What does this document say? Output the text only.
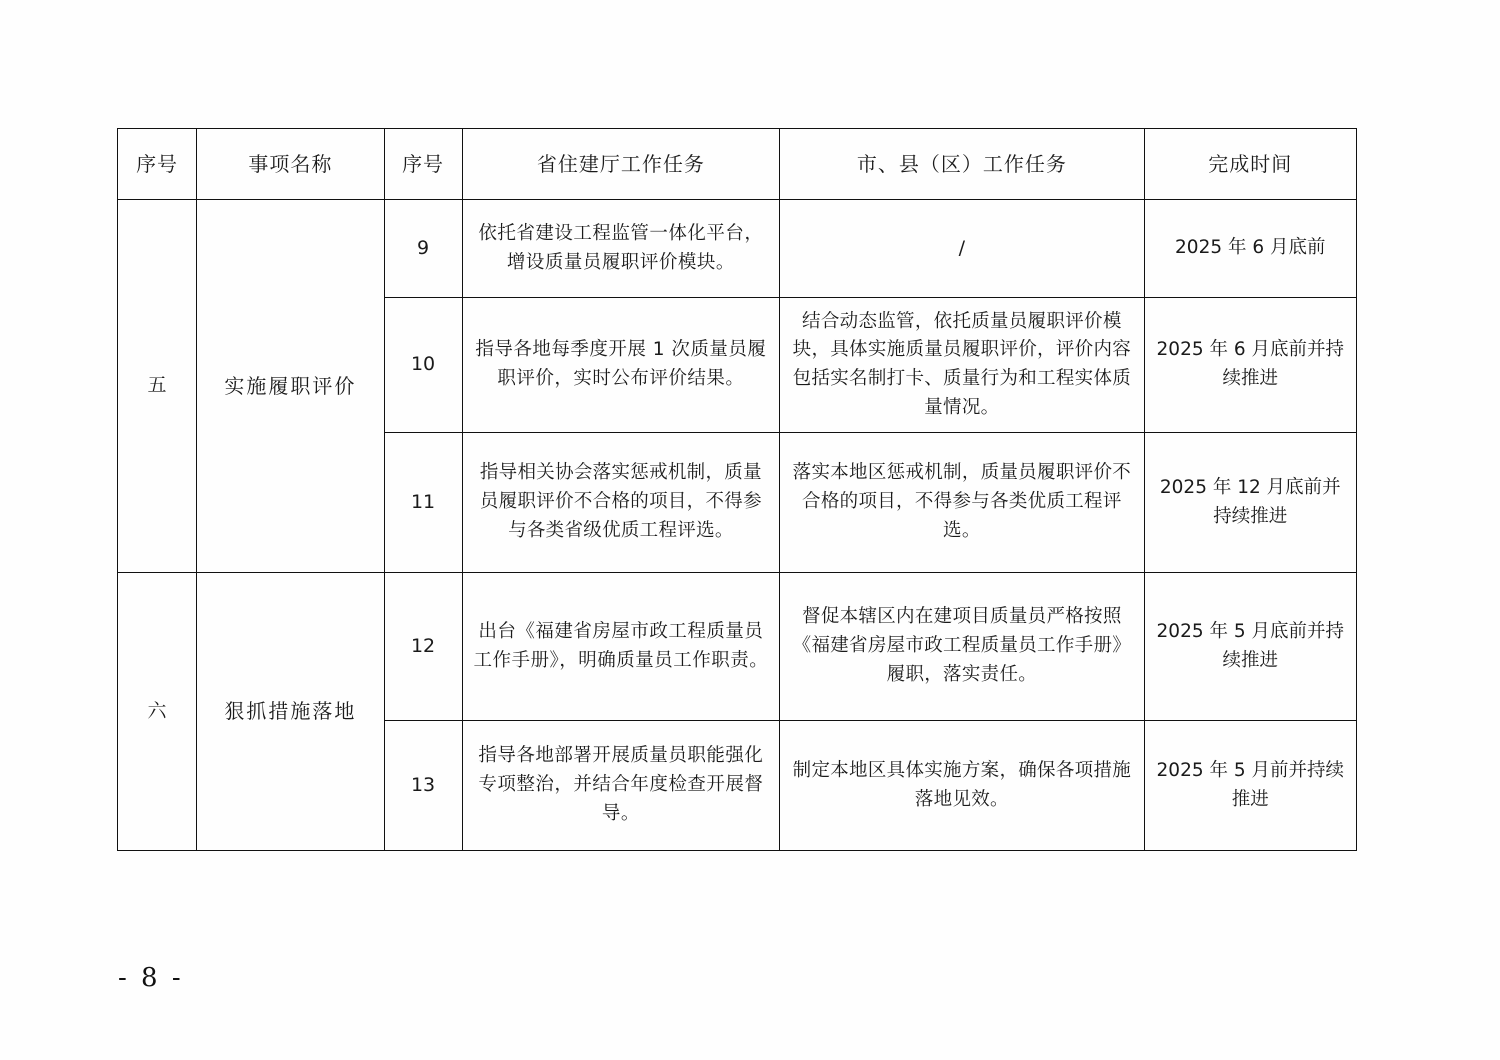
序号	事项名称	序号	省住建厅工作任务	市、县（区）工作任务	完成时间
五	实施履职评价	9	依托省建设工程监管一体化平台，增设质量员履职评价模块。	/	2025 年 6 月底前
		10	指导各地每季度开展 1 次质量员履职评价，实时公布评价结果。	结合动态监管，依托质量员履职评价模块，具体实施质量员履职评价，评价内容包括实名制打卡、质量行为和工程实体质量情况。	2025 年 6 月底前并持续推进
		11	指导相关协会落实惩戒机制，质量员履职评价不合格的项目，不得参与各类省级优质工程评选。	落实本地区惩戒机制，质量员履职评价不合格的项目，不得参与各类优质工程评选。	2025 年 12 月底前并持续推进
六	狠抓措施落地	12	出台《福建省房屋市政工程质量员工作手册》，明确质量员工作职责。	督促本辖区内在建项目质量员严格按照《福建省房屋市政工程质量员工作手册》履职，落实责任。	2025 年 5 月底前并持续推进
		13	指导各地部署开展质量员职能强化专项整治，并结合年度检查开展督导。	制定本地区具体实施方案，确保各项措施落地见效。	2025 年 5 月前并持续推进
- 8 -
